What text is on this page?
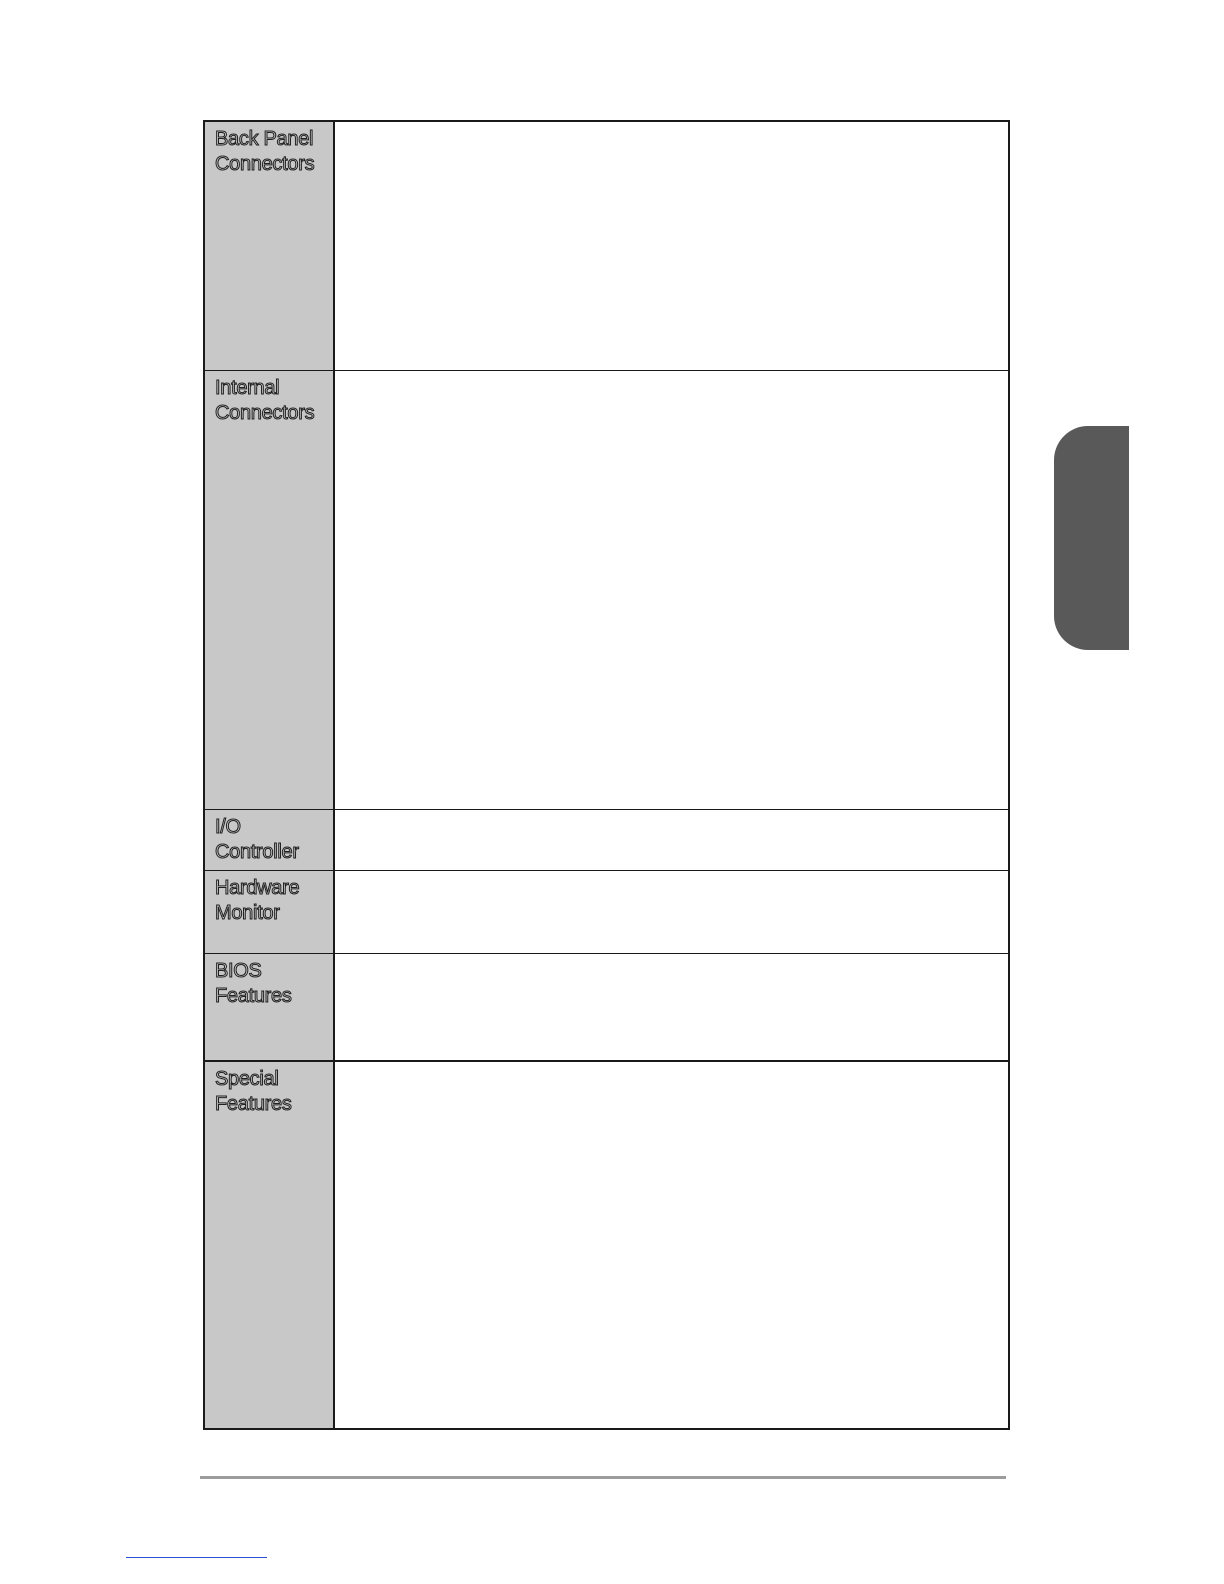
Back Panel
Connectors
Internal
Connectors
I/O
Controller
Hardware
Monitor
BIOS
Features
Special
Features
